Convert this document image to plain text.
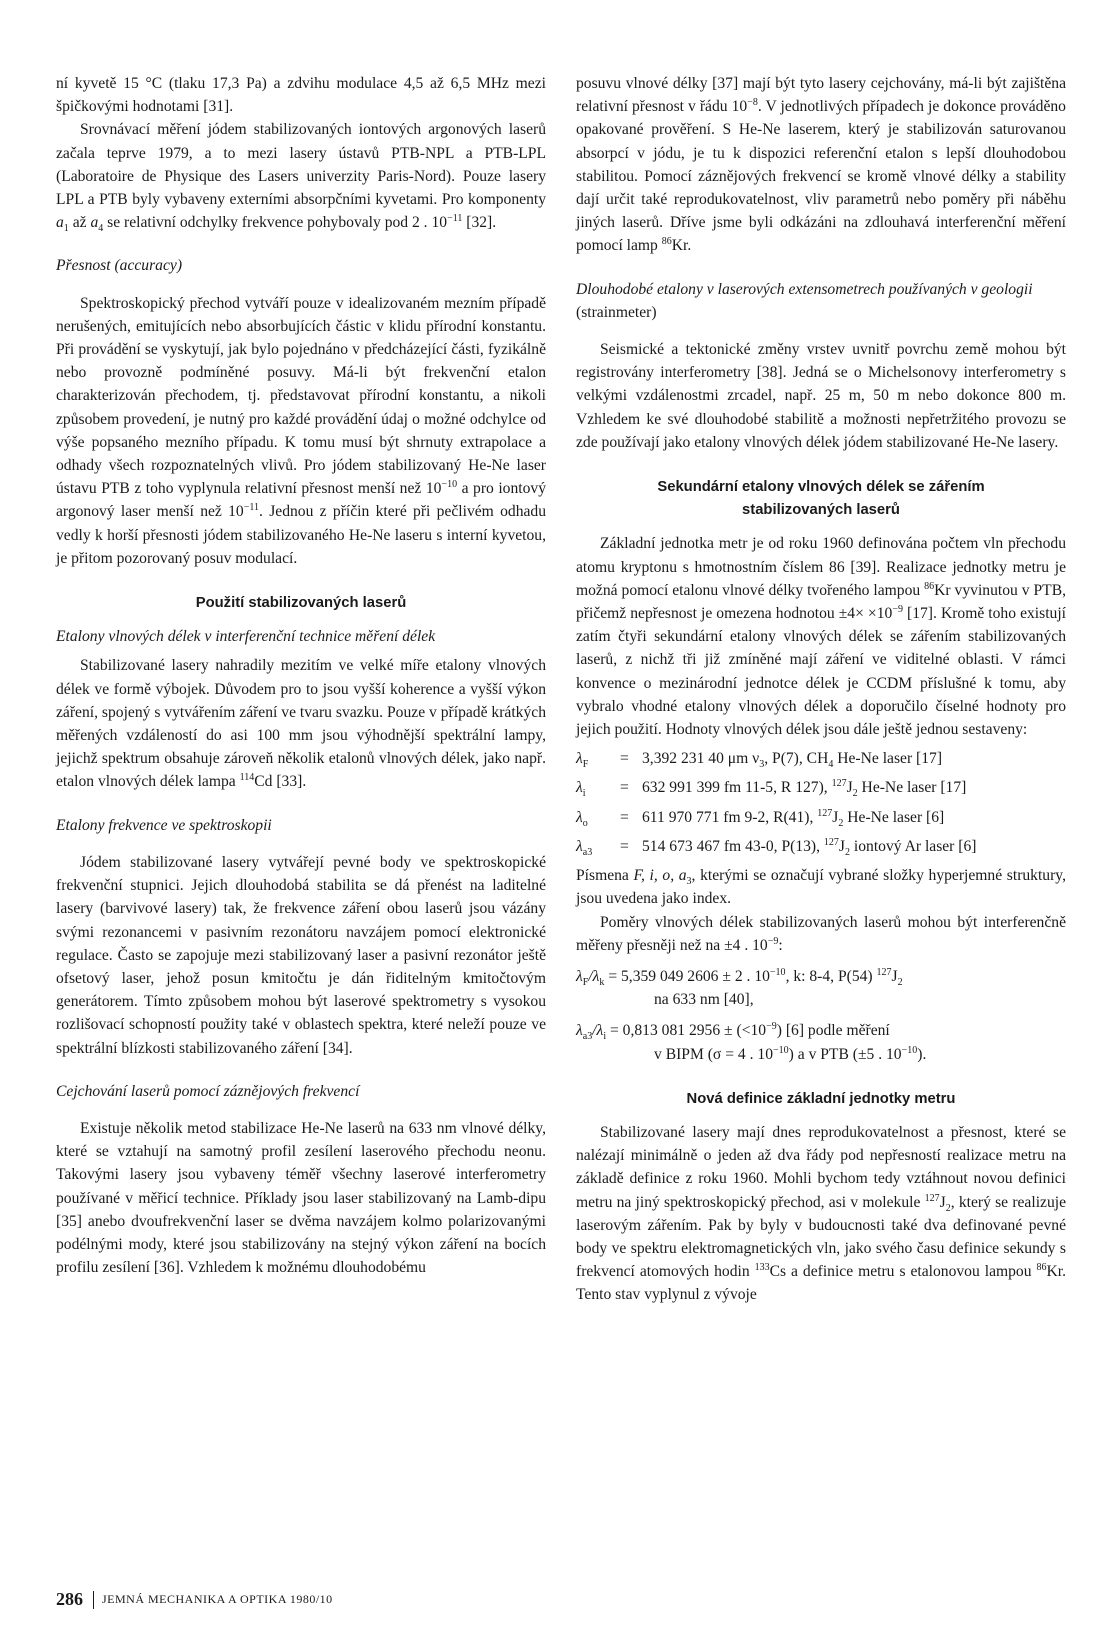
ní kyvetě 15 °C (tlaku 17,3 Pa) a zdvihu modulace 4,5 až 6,5 MHz mezi špičkovými hodnotami [31].

Srovnávací měření jódem stabilizovaných iontových argonových laserů začala teprve 1979, a to mezi lasery ústavů PTB-NPL a PTB-LPL (Laboratoire de Physique des Lasers univerzity Paris-Nord). Pouze lasery LPL a PTB byly vybaveny externími absorpčními kyvetami. Pro komponenty $a_1$ až $a_4$ se relativní odchylky frekvence pohybovaly pod 2 . $10^{-11}$ [32].

Přesnost (accuracy)

Spektroskopický přechod vytváří pouze v idealizovaném mezním případě nerušených, emitujících nebo absorbujících částic v klidu přírodní konstantu. Při provádění se vyskytují, jak bylo pojednáno v předcházející části, fyzikálně nebo provozně podmíněné posuvy. Má-li být frekvenční etalon charakterizován přechodem, tj. představovat přírodní konstantu, a nikoli způsobem provedení, je nutný pro každé provádění údaj o možné odchylce od výše popsaného mezního případu. K tomu musí být shrnuty extrapolace a odhady všech rozpoznatelných vlivů. Pro jódem stabilizovaný He-Ne laser ústavu PTB z toho vyplynula relativní přesnost menší než $10^{-10}$ a pro iontový argonový laser menší než $10^{-11}$. Jednou z příčin které při pečlivém odhadu vedly k horší přesnosti jódem stabilizovaného He-Ne laseru s interní kyvetou, je přitom pozorovaný posuv modulací.

Použití stabilizovaných laserů
Etalony vlnových délek v interferenční technice měření délek

Stabilizované lasery nahradily mezitím ve velké míře etalony vlnových délek ve formě výbojek. Důvodem pro to jsou vyšší koherence a vyšší výkon záření, spojený s vytvářením záření ve tvaru svazku. Pouze v případě krátkých měřených vzdáleností do asi 100 mm jsou výhodnější spektrální lampy, jejichž spektrum obsahuje zároveň několik etalonů vlnových délek, jako např. etalon vlnových délek lampa $^{114}$Cd [33].

Etalony frekvence ve spektroskopii

Jódem stabilizované lasery vytvářejí pevné body ve spektroskopické frekvenční stupnici. Jejich dlouhodobá stabilita se dá přenést na laditelné lasery (barvivové lasery) tak, že frekvence záření obou laserů jsou vázány svými rezonancemi v pasivním rezonátoru navzájem pomocí elektronické regulace. Často se zapojuje mezi stabilizovaný laser a pasivní rezonátor ještě ofsetový laser, jehož posun kmitočtu je dán řiditelným kmitočtovým generátorem. Tímto způsobem mohou být laserové spektrometry s vysokou rozlišovací schopností použity také v oblastech spektra, které neleží pouze ve spektrální blízkosti stabilizovaného záření [34].

Cejchování laserů pomocí záznějových frekvencí

Existuje několik metod stabilizace He-Ne laserů na 633 nm vlnové délky, které se vztahují na samotný profil zesílení laserového přechodu neonu. Takovými lasery jsou vybaveny téměř všechny laserové interferometry používané v měřicí technice. Příklady jsou laser stabilizovaný na Lamb-dipu [35] anebo dvoufrekvenční laser se dvěma navzájem kolmo polarizovanými podélnými mody, které jsou stabilizovány na stejný výkon záření na bocích profilu zesílení [36]. Vzhledem k možnému dlouhodobému

posuvu vlnové délky [37] mají být tyto lasery cejchovány, má-li být zajištěna relativní přesnost v řádu $10^{-8}$. V jednotlivých případech je dokonce prováděno opakované prověření. S He-Ne laserem, který je stabilizován saturovanou absorpcí v jódu, je tu k dispozici referenční etalon s lepší dlouhodobou stabilitou. Pomocí záznějových frekvencí se kromě vlnové délky a stability dají určit také reprodukovatelnost, vliv parametrů nebo poměry při náběhu jiných laserů. Dříve jsme byli odkázáni na zdlouhavá interferenční měření pomocí lamp $^{86}$Kr.

Dlouhodobé etalony v laserových extensometrech používaných v geologii (strainmeter)

Seismické a tektonické změny vrstev uvnitř povrchu země mohou být registrovány interferometry [38]. Jedná se o Michelsonovy interferometry s velkými vzdálenostmi zrcadel, např. 25 m, 50 m nebo dokonce 800 m. Vzhledem ke své dlouhodobé stabilitě a možnosti nepřetržitého provozu se zde používají jako etalony vlnových délek jódem stabilizované He-Ne lasery.

Sekundární etalony vlnových délek se zářením
stabilizovaných laserů

Základní jednotka metr je od roku 1960 definována počtem vln přechodu atomu kryptonu s hmotnostním číslem 86 [39]. Realizace jednotky metru je možná pomocí etalonu vlnové délky tvořeného lampou $^{86}$Kr vyvinutou v PTB, přičemž nepřesnost je omezena hodnotou $\pm 4\times \times 10^{-9}$ [17]. Kromě toho existují zatím čtyři sekundární etalony vlnových délek se zářením stabilizovaných laserů, z nichž tři již zmíněné mají záření ve viditelné oblasti. V rámci konvence o mezinárodní jednotce délek je CCDM příslušné k tomu, aby vybralo vhodné etalony vlnových délek a doporučilo číselné hodnoty pro jejich použití. Hodnoty vlnových délek jsou dále ještě jednou sestaveny:

$\lambda_F$	= 3,392 231 40 μm $\nu_3$, P(7), $CH_4$ He-Ne laser [17]
$\lambda_i$	= 632 991 399 fm 11-5, R 127), $^{127}J_2$ He-Ne laser [17]
$\lambda_o$	= 611 970 771 fm 9-2, R(41), $^{127}J_2$ He-Ne laser [6]
$\lambda_{a3}$	= 514 673 467 fm 43-0, P(13), $^{127}J_2$ iontový Ar laser [6]

Písmena F, i, o, $a_3$, kterými se označují vybrané složky hyperjemné struktury, jsou uvedena jako index.

Poměry vlnových délek stabilizovaných laserů mohou být interferenčně měřeny přesněji než na ±4 . $10^{-9}$:

$\lambda_F/\lambda_k = 5,359$ 049 2606 ± 2 . $10^{-10}$, k: 8-4, P(54) $^{127}J_2$
na 633 nm [40],
$\lambda_{a3}/\lambda_i = 0,813$ 081 $2956 \pm (<10^{-9})$ [6] podle měření
v BIPM (σ = 4 . $10^{-10}$) a v PTB (±5 . $10^{-10}$).
Nová definice základní jednotky metru

Stabilizované lasery mají dnes reprodukovatelnost a přesnost, které se nalézají minimálně o jeden až dva řády pod nepřesností realizace metru na základě definice z roku 1960. Mohli bychom tedy vztáhnout novou definici metru na jiný spektroskopický přechod, asi v molekule $^{127}J_2$, který se realizuje laserovým zářením. Pak by byly v budoucnosti také dva definované pevné body ve spektru elektromagnetických vln, jako svého času definice sekundy s frekvencí atomových hodin $^{133}$Cs a definice metru s etalonovou lampou $^{86}$Kr. Tento stav vyplynul z vývoje

286 JEMNÁ MECHANIKA A OPTIKA 1980/10
